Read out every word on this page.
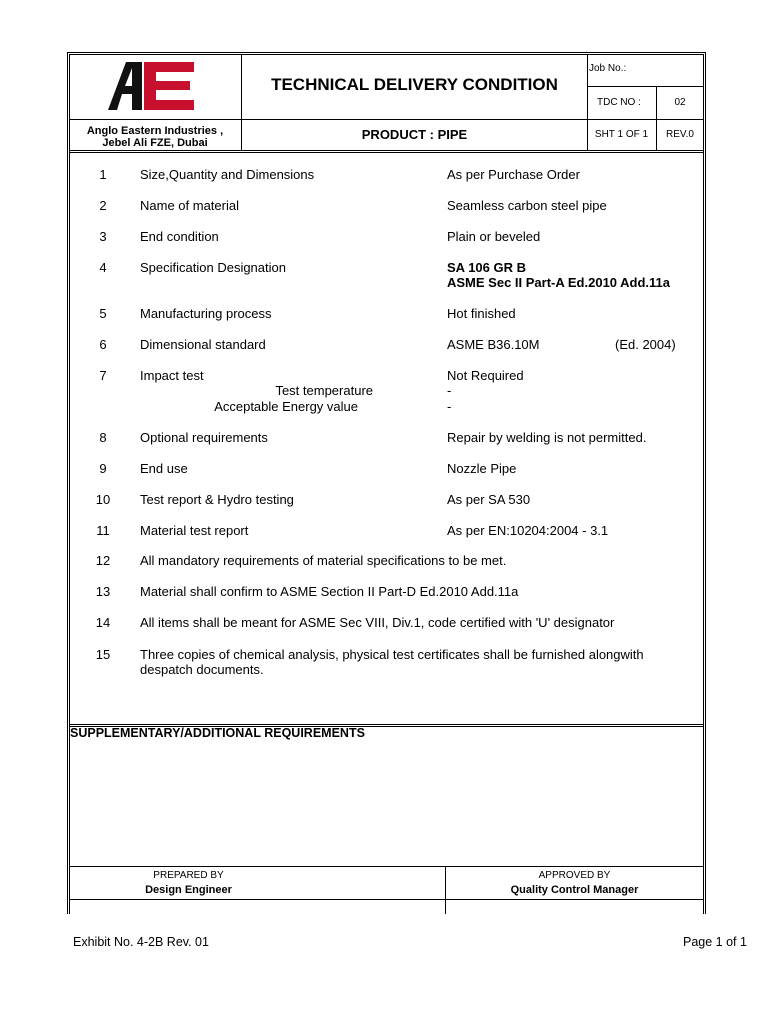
AE
TECHNICAL DELIVERY CONDITION
Job No.:
TDC NO :	02
Anglo Eastern Industries ,
Jebel Ali FZE, Dubai
PRODUCT : PIPE	SHT 1 OF 1	REV.0
1	Size,Quantity and Dimensions	As per Purchase Order
2	Name of material	Seamless carbon steel pipe
3	End condition	Plain or beveled
4	Specification Designation	SA 106 GR B
ASME Sec II Part-A Ed.2010 Add.11a
5	Manufacturing process	Hot finished
6	Dimensional standard	ASME B36.10M	(Ed. 2004)
7	Impact test	Not Required
Test temperature	-
Acceptable Energy value	-
8	Optional requirements	Repair by welding is not permitted.
9	End use	Nozzle Pipe
10	Test report & Hydro testing	As per SA 530
11	Material test report	As per EN:10204:2004 - 3.1
12	All mandatory requirements of material specifications to be met.
13	Material shall confirm to ASME Section II Part-D Ed.2010 Add.11a
14	All items shall be meant for ASME Sec VIII, Div.1, code certified with 'U' designator
15	Three copies of chemical analysis, physical test certificates shall be furnished alongwith
despatch documents.
SUPPLEMENTARY/ADDITIONAL REQUIREMENTS
PREPARED BY
Design Engineer
APPROVED BY
Quality Control Manager
Exhibit No. 4-2B Rev. 01	Page 1 of 1
